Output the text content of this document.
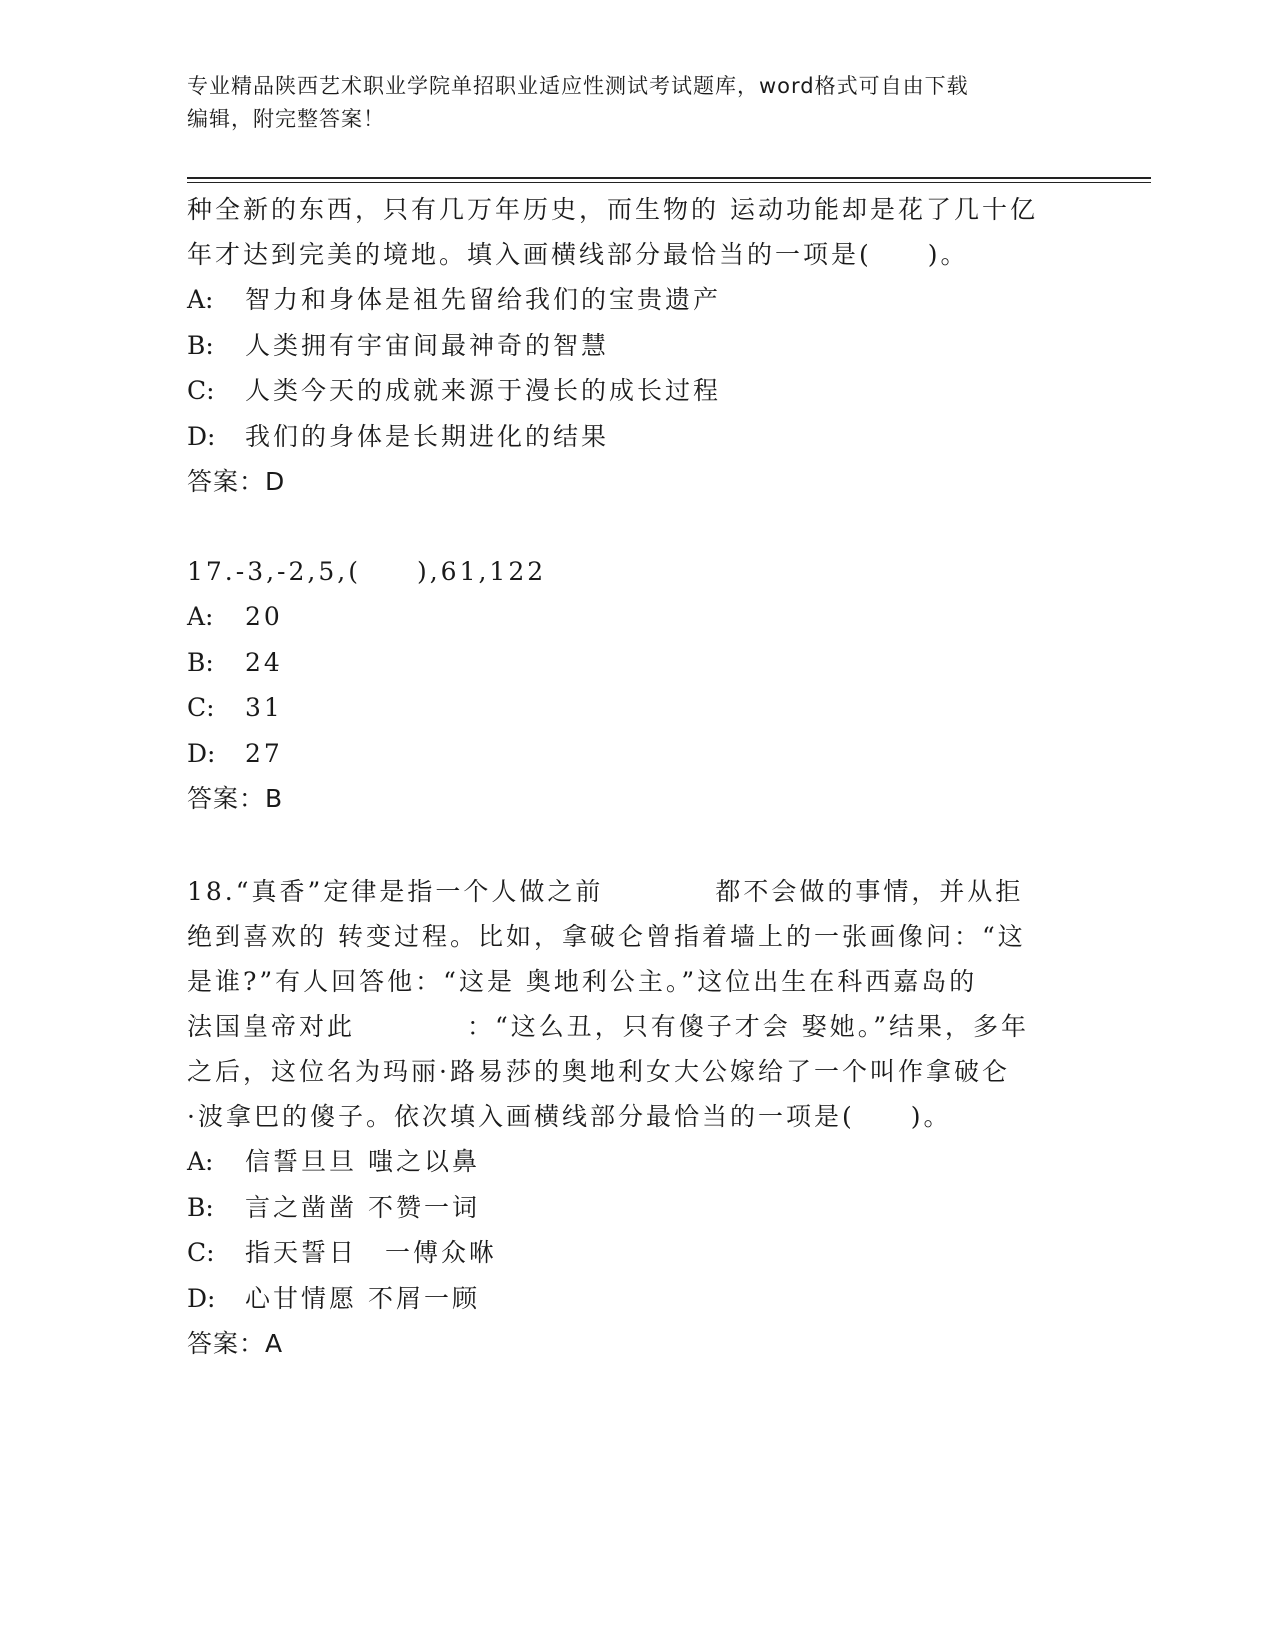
专业精品陕西艺术职业学院单招职业适应性测试考试题库，word格式可自由下载
编辑，附完整答案！
种全新的东西，只有几万年历史，而生物的 运动功能却是花了几十亿
年才达到完美的境地。填入画横线部分最恰当的一项是(　　)。
A: 智力和身体是祖先留给我们的宝贵遗产
B: 人类拥有宇宙间最神奇的智慧
C: 人类今天的成就来源于漫长的成长过程
D: 我们的身体是长期进化的结果
答案：D
17.-3,-2,5,(　　),61,122
A: 20
B: 24
C: 31
D: 27
答案：B
18.“真香”定律是指一个人做之前　　　　都不会做的事情，并从拒
绝到喜欢的 转变过程。比如，拿破仑曾指着墙上的一张画像问：“这
是谁?”有人回答他：“这是 奥地利公主。”这位出生在科西嘉岛的
法国皇帝对此　　　　：“这么丑，只有傻子才会 娶她。”结果，多年
之后，这位名为玛丽·路易莎的奥地利女大公嫁给了一个叫作拿破仑
·波拿巴的傻子。依次填入画横线部分最恰当的一项是(　　)。
A: 信誓旦旦 嗤之以鼻
B: 言之凿凿 不赞一词
C: 指天誓日　一傅众咻
D: 心甘情愿 不屑一顾
答案：A
